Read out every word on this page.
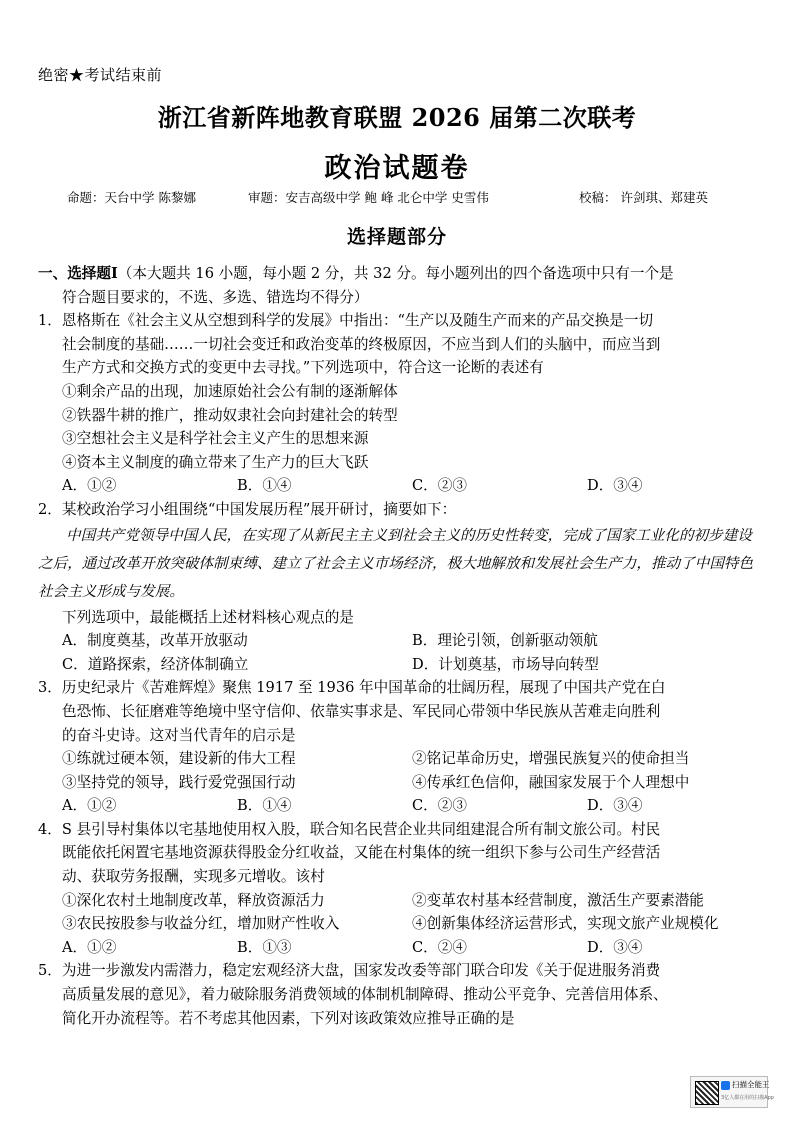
绝密★考试结束前
浙江省新阵地教育联盟 2026 届第二次联考
政治试题卷
命题：天台中学 陈黎娜	审题：安吉高级中学 鲍 峰 北仑中学 史雪伟	校稿： 许剑琪、郑建英
选择题部分
一、选择题Ⅰ（本大题共 16 小题，每小题 2 分，共 32 分。每小题列出的四个备选项中只有一个是
符合题目要求的，不选、多选、错选均不得分）
1．恩格斯在《社会主义从空想到科学的发展》中指出：“生产以及随生产而来的产品交换是一切
社会制度的基础……一切社会变迁和政治变革的终极原因，不应当到人们的头脑中，而应当到
生产方式和交换方式的变更中去寻找。”下列选项中，符合这一论断的表述有
①剩余产品的出现，加速原始社会公有制的逐渐解体
②铁器牛耕的推广，推动奴隶社会向封建社会的转型
③空想社会主义是科学社会主义产生的思想来源
④资本主义制度的确立带来了生产力的巨大飞跃
A．①②	B．①④	C．②③	D．③④
2．某校政治学习小组围绕“中国发展历程”展开研讨，摘要如下：
中国共产党领导中国人民，在实现了从新民主主义到社会主义的历史性转变，完成了国家工业化的初步建设之后，通过改革开放突破体制束缚、建立了社会主义市场经济，极大地解放和发展社会生产力，推动了中国特色社会主义形成与发展。
下列选项中，最能概括上述材料核心观点的是
A．制度奠基，改革开放驱动	B．理论引领，创新驱动领航
C．道路探索，经济体制确立	D．计划奠基，市场导向转型
3．历史纪录片《苦难辉煌》聚焦 1917 至 1936 年中国革命的壮阔历程，展现了中国共产党在白
色恐怖、长征磨难等绝境中坚守信仰、依靠实事求是、军民同心带领中华民族从苦难走向胜利
的奋斗史诗。这对当代青年的启示是
①练就过硬本领，建设新的伟大工程	②铭记革命历史，增强民族复兴的使命担当
③坚持党的领导，践行爱党强国行动	④传承红色信仰，融国家发展于个人理想中
A．①②	B．①④	C．②③	D．③④
4．S 县引导村集体以宅基地使用权入股，联合知名民营企业共同组建混合所有制文旅公司。村民
既能依托闲置宅基地资源获得股金分红收益，又能在村集体的统一组织下参与公司生产经营活
动、获取劳务报酬，实现多元增收。该村
①深化农村土地制度改革，释放资源活力	②变革农村基本经营制度，激活生产要素潜能
③农民按股参与收益分红，增加财产性收入	④创新集体经济运营形式，实现文旅产业规模化
A．①②	B．①③	C．②④	D．③④
5．为进一步激发内需潜力，稳定宏观经济大盘，国家发改委等部门联合印发《关于促进服务消费
高质量发展的意见》，着力破除服务消费领域的体制机制障碍、推动公平竞争、完善信用体系、
简化开办流程等。若不考虑其他因素，下列对该政策效应推导正确的是
扫描全能王
3亿人都在用的扫描App
